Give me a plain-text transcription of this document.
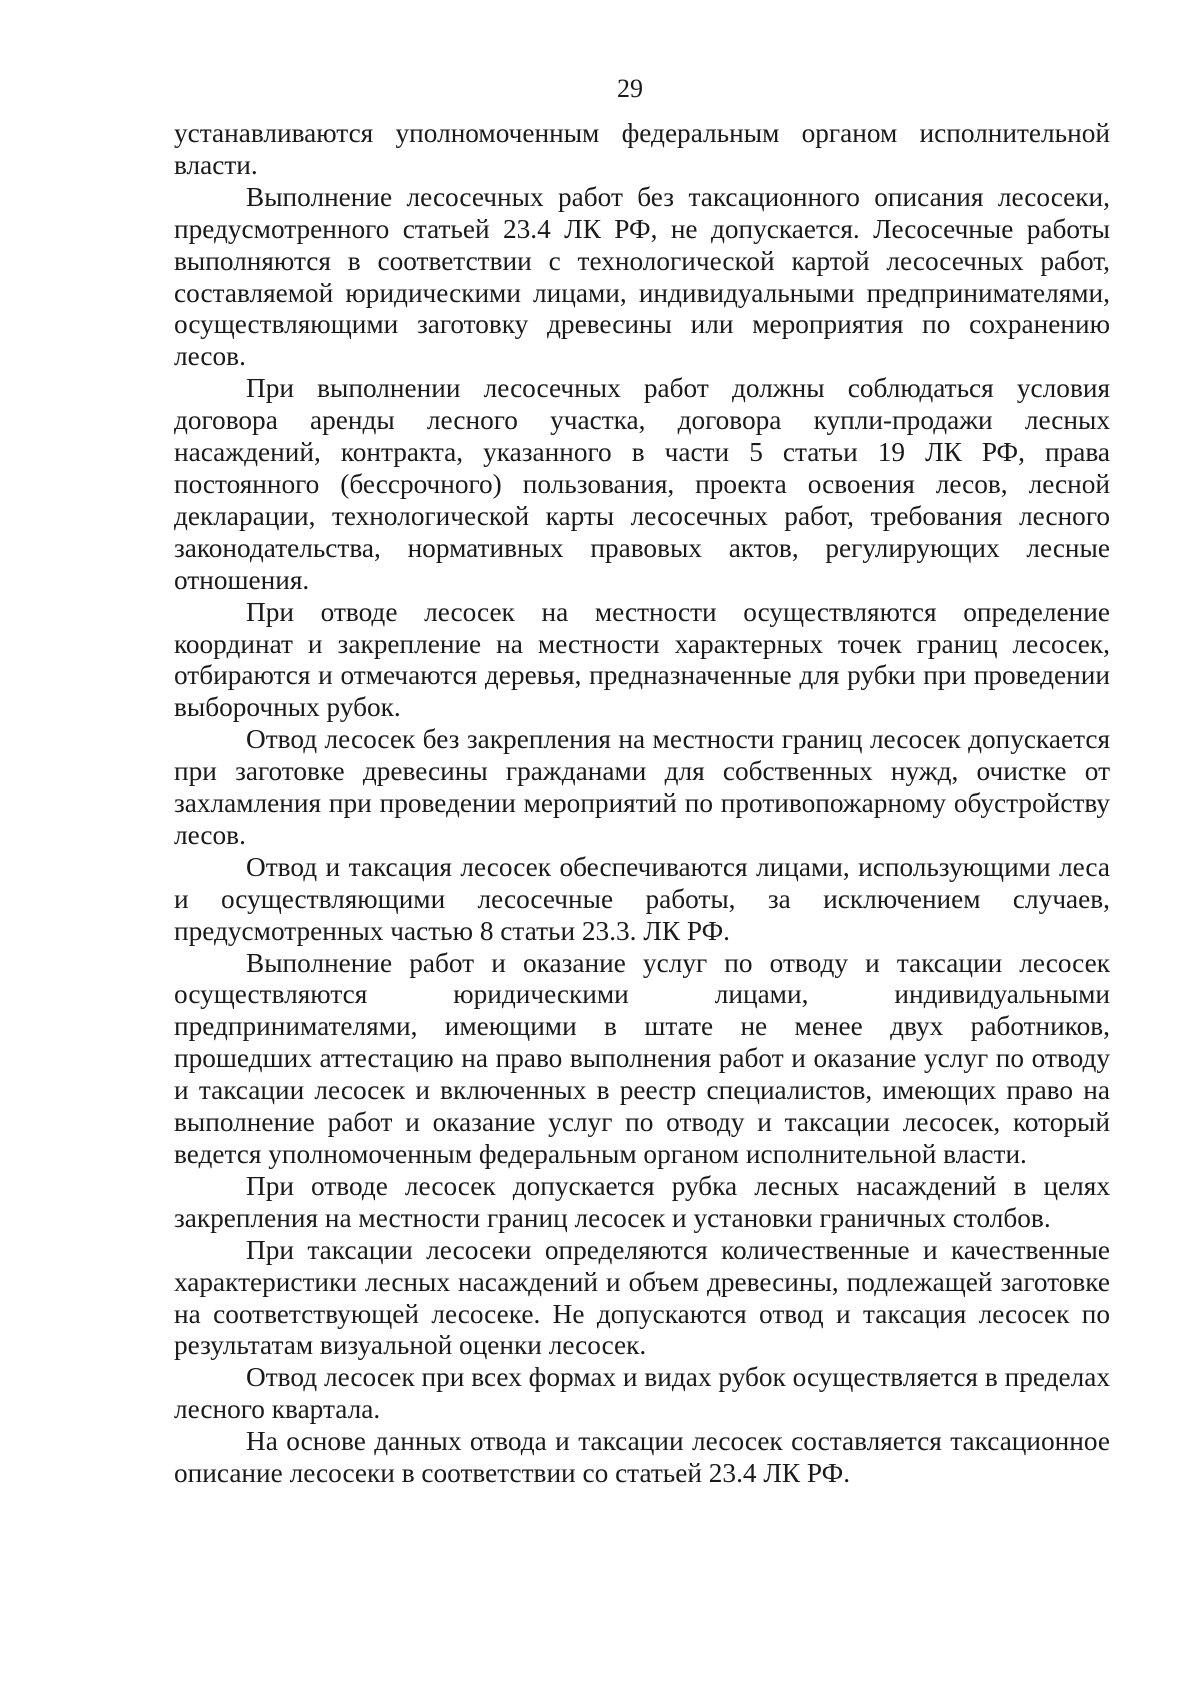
29

устанавливаются уполномоченным федеральным органом исполнительной власти.

Выполнение лесосечных работ без таксационного описания лесосеки, предусмотренного статьей 23.4 ЛК РФ, не допускается. Лесосечные работы выполняются в соответствии с технологической картой лесосечных работ, составляемой юридическими лицами, индивидуальными предпринимателями, осуществляющими заготовку древесины или мероприятия по сохранению лесов.

При выполнении лесосечных работ должны соблюдаться условия договора аренды лесного участка, договора купли-продажи лесных насаждений, контракта, указанного в части 5 статьи 19 ЛК РФ, права постоянного (бессрочного) пользования, проекта освоения лесов, лесной декларации, технологической карты лесосечных работ, требования лесного законодательства, нормативных правовых актов, регулирующих лесные отношения.

При отводе лесосек на местности осуществляются определение координат и закрепление на местности характерных точек границ лесосек, отбираются и отмечаются деревья, предназначенные для рубки при проведении выборочных рубок.

Отвод лесосек без закрепления на местности границ лесосек допускается при заготовке древесины гражданами для собственных нужд, очистке от захламления при проведении мероприятий по противопожарному обустройству лесов.

Отвод и таксация лесосек обеспечиваются лицами, использующими леса и осуществляющими лесосечные работы, за исключением случаев, предусмотренных частью 8 статьи 23.3. ЛК РФ.

Выполнение работ и оказание услуг по отводу и таксации лесосек осуществляются юридическими лицами, индивидуальными предпринимателями, имеющими в штате не менее двух работников, прошедших аттестацию на право выполнения работ и оказание услуг по отводу и таксации лесосек и включенных в реестр специалистов, имеющих право на выполнение работ и оказание услуг по отводу и таксации лесосек, который ведется уполномоченным федеральным органом исполнительной власти.

При отводе лесосек допускается рубка лесных насаждений в целях закрепления на местности границ лесосек и установки граничных столбов.

При таксации лесосеки определяются количественные и качественные характеристики лесных насаждений и объем древесины, подлежащей заготовке на соответствующей лесосеке. Не допускаются отвод и таксация лесосек по результатам визуальной оценки лесосек.

Отвод лесосек при всех формах и видах рубок осуществляется в пределах лесного квартала.

На основе данных отвода и таксации лесосек составляется таксационное описание лесосеки в соответствии со статьей 23.4 ЛК РФ.
